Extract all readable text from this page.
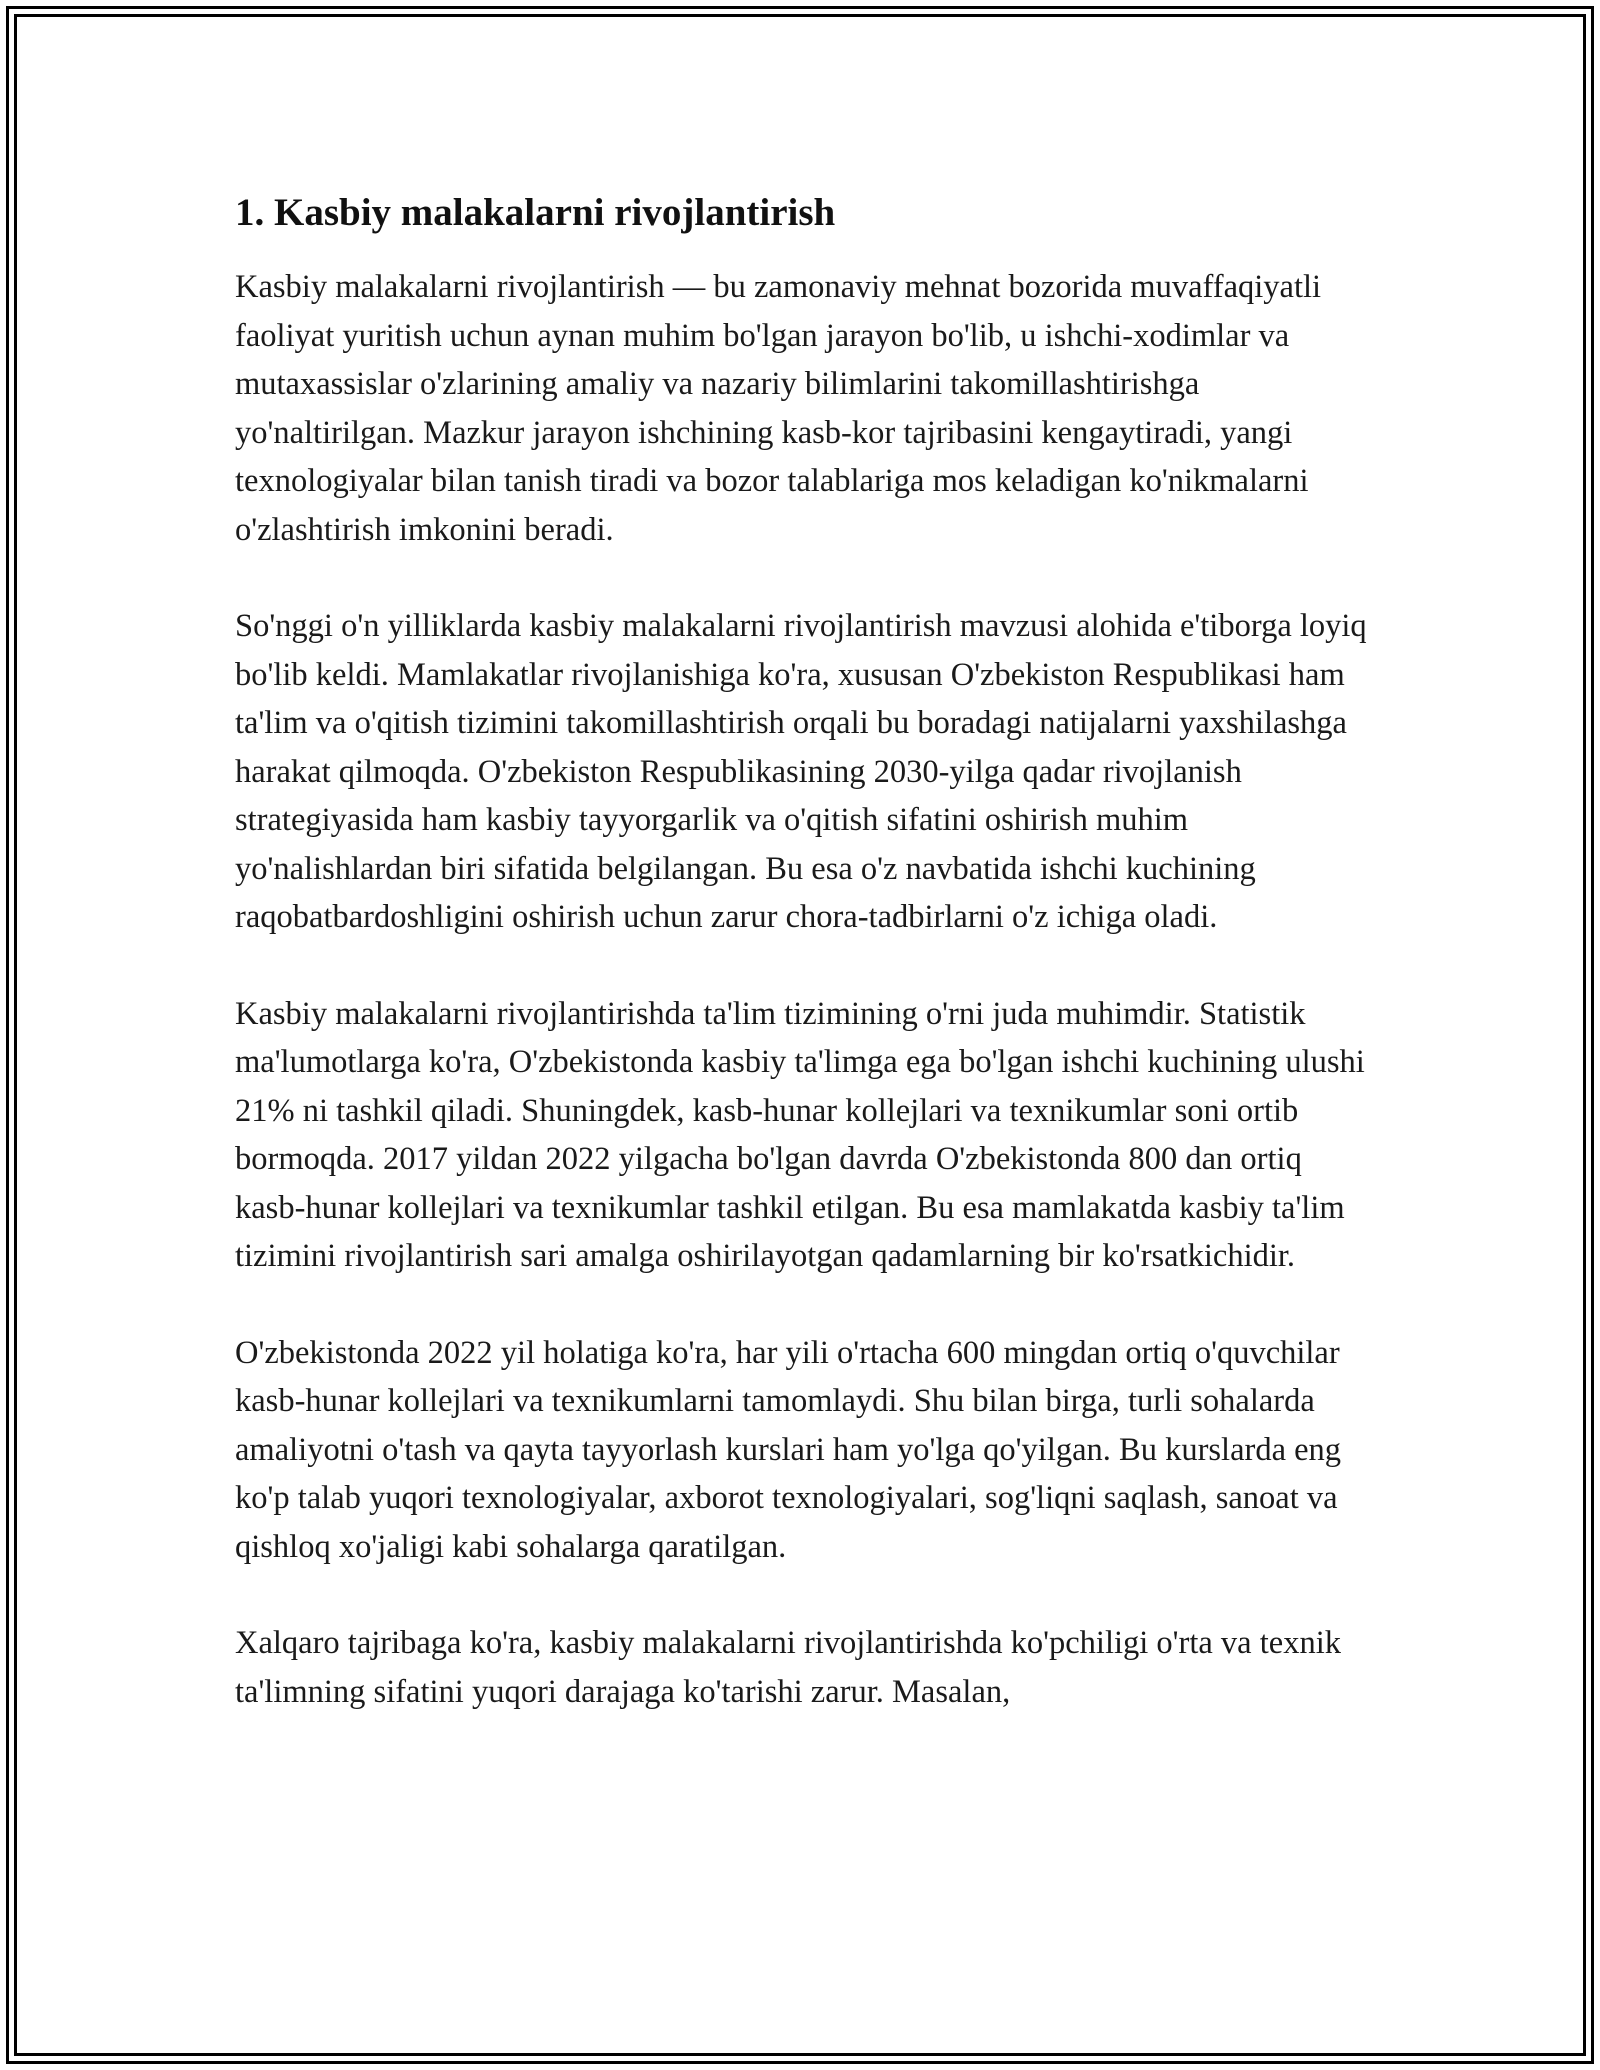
1. Kasbiy malakalarni rivojlantirish

Kasbiy malakalarni rivojlantirish — bu zamonaviy mehnat bozorida muvaffaqiyatli faoliyat yuritish uchun aynan muhim bo'lgan jarayon bo'lib, u ishchi-xodimlar va mutaxassislar o'zlarining amaliy va nazariy bilimlarini takomillashtirishga yo'naltirilgan. Mazkur jarayon ishchining kasb-kor tajribasini kengaytiradi, yangi texnologiyalar bilan tanish tiradi va bozor talablariga mos keladigan ko'nikmalarni o'zlashtirish imkonini beradi.

So'nggi o'n yilliklarda kasbiy malakalarni rivojlantirish mavzusi alohida e'tiborga loyiq bo'lib keldi. Mamlakatlar rivojlanishiga ko'ra, xususan O'zbekiston Respublikasi ham ta'lim va o'qitish tizimini takomillashtirish orqali bu boradagi natijalarni yaxshilashga harakat qilmoqda. O'zbekiston Respublikasining 2030-yilga qadar rivojlanish strategiyasida ham kasbiy tayyorgarlik va o'qitish sifatini oshirish muhim yo'nalishlardan biri sifatida belgilangan. Bu esa o'z navbatida ishchi kuchining raqobatbardoshligini oshirish uchun zarur chora-tadbirlarni o'z ichiga oladi.

Kasbiy malakalarni rivojlantirishda ta'lim tizimining o'rni juda muhimdir. Statistik ma'lumotlarga ko'ra, O'zbekistonda kasbiy ta'limga ega bo'lgan ishchi kuchining ulushi 21% ni tashkil qiladi. Shuningdek, kasb-hunar kollejlari va texnikumlar soni ortib bormoqda. 2017 yildan 2022 yilgacha bo'lgan davrda O'zbekistonda 800 dan ortiq kasb-hunar kollejlari va texnikumlar tashkil etilgan. Bu esa mamlakatda kasbiy ta'lim tizimini rivojlantirish sari amalga oshirilayotgan qadamlarning bir ko'rsatkichidir.

O'zbekistonda 2022 yil holatiga ko'ra, har yili o'rtacha 600 mingdan ortiq o'quvchilar kasb-hunar kollejlari va texnikumlarni tamomlaydi. Shu bilan birga, turli sohalarda amaliyotni o'tash va qayta tayyorlash kurslari ham yo'lga qo'yilgan. Bu kurslarda eng ko'p talab yuqori texnologiyalar, axborot texnologiyalari, sog'liqni saqlash, sanoat va qishloq xo'jaligi kabi sohalarga qaratilgan.

Xalqaro tajribaga ko'ra, kasbiy malakalarni rivojlantirishda ko'pchiligi o'rta va texnik ta'limning sifatini yuqori darajaga ko'tarishi zarur. Masalan,
